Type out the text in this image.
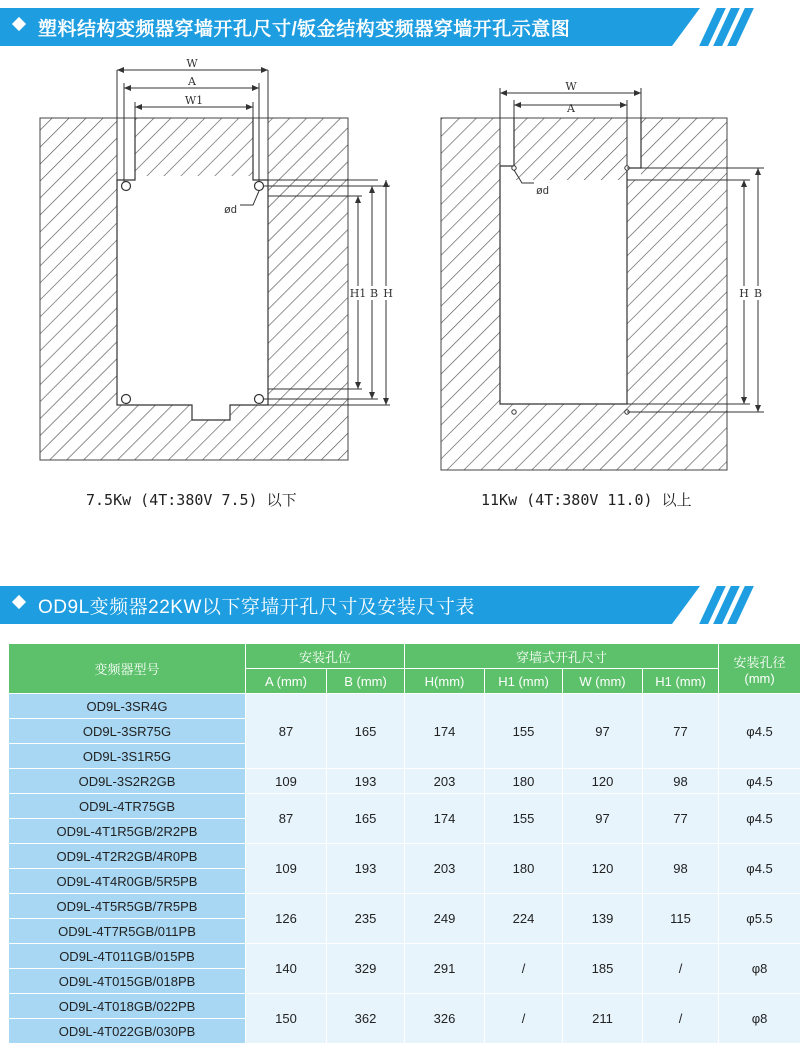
塑料结构变频器穿墙开孔尺寸/钣金结构变频器穿墙开孔示意图
W
A
W1
ød
H1 B H
7.5Kw (4T:380V 7.5) 以下
W
A
ød
H B
11Kw (4T:380V 11.0) 以上
OD9L变频器22KW以下穿墙开孔尺寸及安装尺寸表
变频器型号	安装孔位		穿墙式开孔尺寸				安装孔径
(mm)

	A (mm)	B (mm)	H(mm)	H1 (mm)	W (mm)	H1 (mm)	
OD9L-3SR4G	87	165	174	155	97	77	φ4.5
OD9L-3SR75G							
OD9L-3S1R5G							
OD9L-3S2R2GB	109	193	203	180	120	98	φ4.5
OD9L-4TR75GB	87	165	174	155	97	77	φ4.5
OD9L-4T1R5GB/2R2PB							
OD9L-4T2R2GB/4R0PB	109	193	203	180	120	98	φ4.5
OD9L-4T4R0GB/5R5PB							
OD9L-4T5R5GB/7R5PB	126	235	249	224	139	115	φ5.5
OD9L-4T7R5GB/011PB							
OD9L-4T011GB/015PB	140	329	291	/	185	/	φ8
OD9L-4T015GB/018PB							
OD9L-4T018GB/022PB	150	362	326	/	211	/	φ8
OD9L-4T022GB/030PB							
